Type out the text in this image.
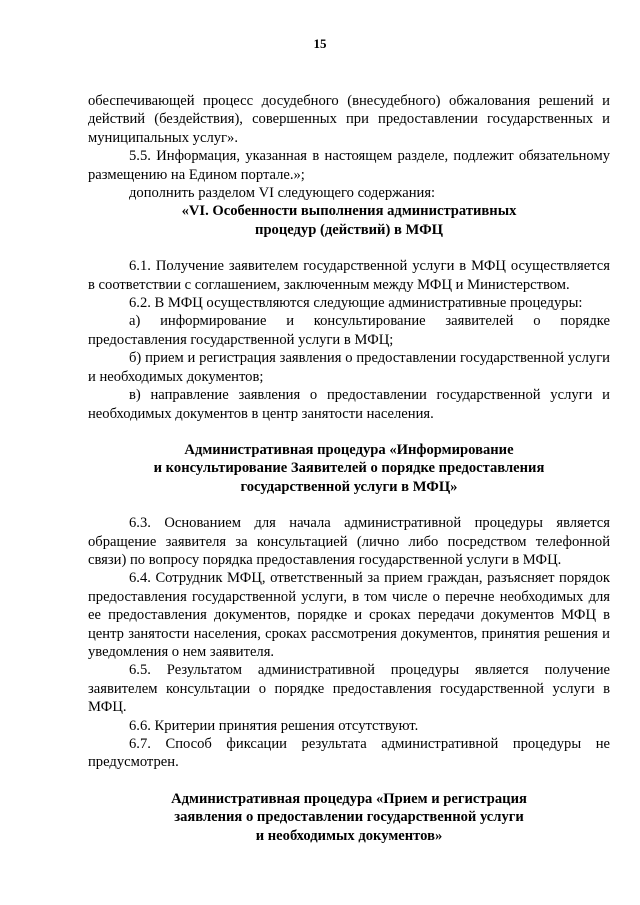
15

обеспечивающей процесс досудебного (внесудебного) обжалования решений и действий (бездействия), совершенных при предоставлении государственных и муниципальных услуг».

5.5. Информация, указанная в настоящем разделе, подлежит обязательному размещению на Едином портале.»;

дополнить разделом VI следующего содержания:

«VI. Особенности выполнения административных

процедур (действий) в МФЦ

6.1. Получение заявителем государственной услуги в МФЦ осуществляется в соответствии с соглашением, заключенным между МФЦ и Министерством.

6.2. В МФЦ осуществляются следующие административные процедуры:

а) информирование и консультирование заявителей о порядке предоставления государственной услуги в МФЦ;

б) прием и регистрация заявления о предоставлении государственной услуги и необходимых документов;

в) направление заявления о предоставлении государственной услуги и необходимых документов в центр занятости населения.

Административная процедура «Информирование

и консультирование Заявителей о порядке предоставления

государственной услуги в МФЦ»

6.3. Основанием для начала административной процедуры является обращение заявителя за консультацией (лично либо посредством телефонной связи) по вопросу порядка предоставления государственной услуги в МФЦ.

6.4. Сотрудник МФЦ, ответственный за прием граждан, разъясняет порядок предоставления государственной услуги, в том числе о перечне необходимых для ее предоставления документов, порядке и сроках передачи документов МФЦ в центр занятости населения, сроках рассмотрения документов, принятия решения и уведомления о нем заявителя.

6.5. Результатом административной процедуры является получение заявителем консультации о порядке предоставления государственной услуги в МФЦ.

6.6. Критерии принятия решения отсутствуют.

6.7. Способ фиксации результата административной процедуры не предусмотрен.

Административная процедура «Прием и регистрация

заявления о предоставлении государственной услуги

и необходимых документов»
